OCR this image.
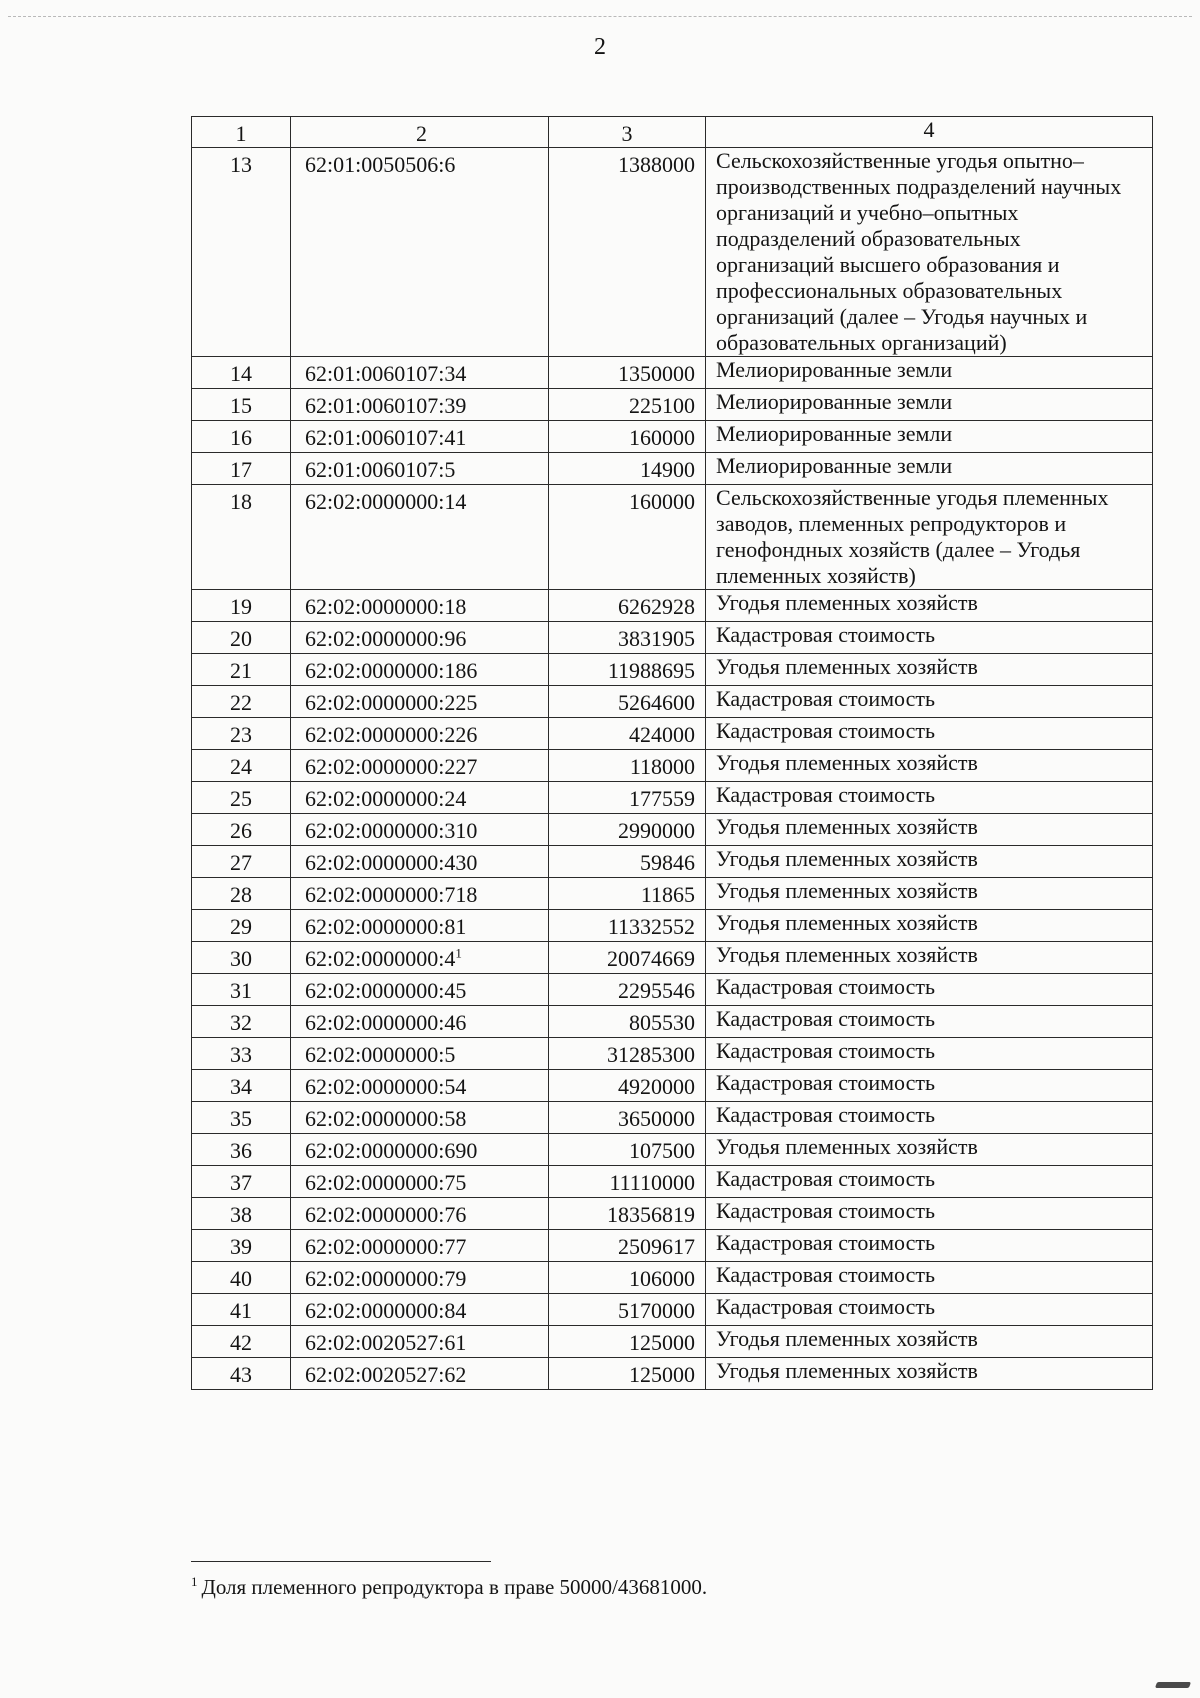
2
1	2	3	4
13	62:01:0050506:6	1388000	Сельскохозяйственные угодья опытно–производственных подразделений научных организаций и учебно–опытных подразделений образовательных организаций высшего образования и профессиональных образовательных организаций (далее – Угодья научных и образовательных организаций)
14	62:01:0060107:34	1350000	Мелиорированные земли
15	62:01:0060107:39	225100	Мелиорированные земли
16	62:01:0060107:41	160000	Мелиорированные земли
17	62:01:0060107:5	14900	Мелиорированные земли
18	62:02:0000000:14	160000	Сельскохозяйственные угодья племенных заводов, племенных репродукторов и генофондных хозяйств (далее – Угодья племенных хозяйств)
19	62:02:0000000:18	6262928	Угодья племенных хозяйств
20	62:02:0000000:96	3831905	Кадастровая стоимость
21	62:02:0000000:186	11988695	Угодья племенных хозяйств
22	62:02:0000000:225	5264600	Кадастровая стоимость
23	62:02:0000000:226	424000	Кадастровая стоимость
24	62:02:0000000:227	118000	Угодья племенных хозяйств
25	62:02:0000000:24	177559	Кадастровая стоимость
26	62:02:0000000:310	2990000	Угодья племенных хозяйств
27	62:02:0000000:430	59846	Угодья племенных хозяйств
28	62:02:0000000:718	11865	Угодья племенных хозяйств
29	62:02:0000000:81	11332552	Угодья племенных хозяйств
30	$62:02:0000000:4^1$	20074669	Угодья племенных хозяйств
31	62:02:0000000:45	2295546	Кадастровая стоимость
32	62:02:0000000:46	805530	Кадастровая стоимость
33	62:02:0000000:5	31285300	Кадастровая стоимость
34	62:02:0000000:54	4920000	Кадастровая стоимость
35	62:02:0000000:58	3650000	Кадастровая стоимость
36	62:02:0000000:690	107500	Угодья племенных хозяйств
37	62:02:0000000:75	11110000	Кадастровая стоимость
38	62:02:0000000:76	18356819	Кадастровая стоимость
39	62:02:0000000:77	2509617	Кадастровая стоимость
40	62:02:0000000:79	106000	Кадастровая стоимость
41	62:02:0000000:84	5170000	Кадастровая стоимость
42	62:02:0020527:61	125000	Угодья племенных хозяйств
43	62:02:0020527:62	125000	Угодья племенных хозяйств
$^1$ Доля племенного репродуктора в праве 50000/43681000.
